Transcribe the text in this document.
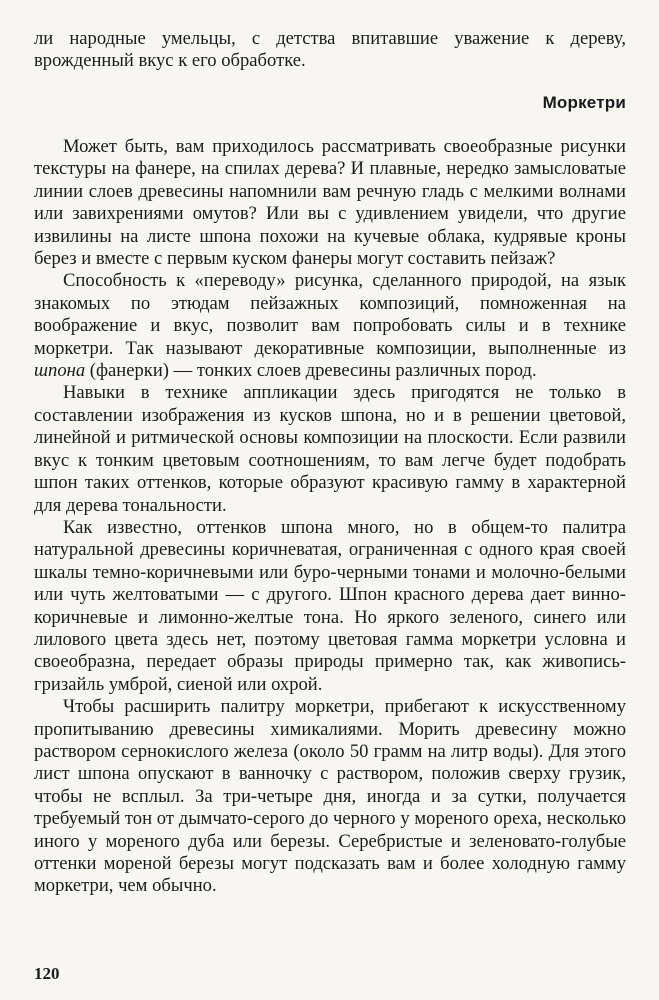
ли народные умельцы, с детства впитавшие уважение к дереву, врожденный вкус к его обработке.

Моркетри

Может быть, вам приходилось рассматривать своеобразные рисунки текстуры на фанере, на спилах дерева? И плавные, нередко замысловатые линии слоев древесины напомнили вам речную гладь с мелкими волнами или завихрениями омутов? Или вы с удивлением увидели, что другие извилины на листе шпона похожи на кучевые облака, кудрявые кроны берез и вместе с первым куском фанеры могут составить пейзаж?

Способность к «переводу» рисунка, сделанного природой, на язык знакомых по этюдам пейзажных композиций, помноженная на воображение и вкус, позволит вам попробовать силы и в технике моркетри. Так называют декоративные композиции, выполненные из шпона (фанерки) — тонких слоев древесины различных пород.

Навыки в технике аппликации здесь пригодятся не только в составлении изображения из кусков шпона, но и в решении цветовой, линейной и ритмической основы композиции на плоскости. Если развили вкус к тонким цветовым соотношениям, то вам легче будет подобрать шпон таких оттенков, которые образуют красивую гамму в характерной для дерева тональности.

Как известно, оттенков шпона много, но в общем-то палитра натуральной древесины коричневатая, ограниченная с одного края своей шкалы темно-коричневыми или буро-черными тонами и молочно-белыми или чуть желтоватыми — с другого. Шпон красного дерева дает винно-коричневые и лимонно-желтые тона. Но яркого зеленого, синего или лилового цвета здесь нет, поэтому цветовая гамма моркетри условна и своеобразна, передает образы природы примерно так, как живопись-гризайль умброй, сиеной или охрой.

Чтобы расширить палитру моркетри, прибегают к искусственному пропитыванию древесины химикалиями. Морить древесину можно раствором сернокислого железа (около 50 грамм на литр воды). Для этого лист шпона опускают в ванночку с раствором, положив сверху грузик, чтобы не всплыл. За три-четыре дня, иногда и за сутки, получается требуемый тон от дымчато-серого до черного у мореного ореха, несколько иного у мореного дуба или березы. Серебристые и зеленовато-голубые оттенки мореной березы могут подсказать вам и более холодную гамму моркетри, чем обычно.

120
